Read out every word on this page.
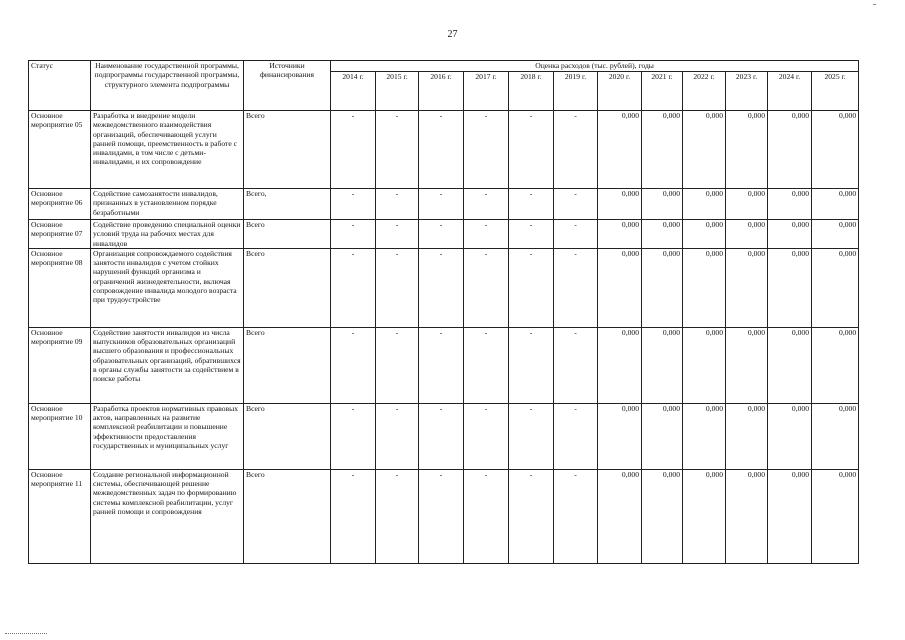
27
Статус	Наименование государственной программы, подпрограммы государственной программы, структурного элемента подпрограммы	Источники финансирования	Оценка расходов (тыс. рублей), годы											
			2014 г.	2015 г.	2016 г.	2017 г.	2018 г.	2019 г.	2020 г.	2021 г.	2022 г.	2023 г.	2024 г.	2025 г.
Основное мероприятие 05	Разработка и внедрение модели межведомственного взаимодействия организаций, обеспечивающей услуги ранней помощи, преемственность в работе с инвалидами, в том числе с детьми-инвалидами, и их сопровождение	Всего	-	-	-	-	-	-	0,000	0,000	0,000	0,000	0,000	0,000
Основное мероприятие 06	Содействие самозанятости инвалидов, признанных в установленном порядке безработными	Всего,	-	-	-	-	-	-	0,000	0,000	0,000	0,000	0,000	0,000
Основное мероприятие 07	Содействие проведению специальной оценки условий труда на рабочих местах для инвалидов	Всего	-	-	-	-	-	-	0,000	0,000	0,000	0,000	0,000	0,000
Основное мероприятие 08	Организация сопровождаемого содействия занятости инвалидов с учетом стойких нарушений функций организма и ограничений жизнедеятельности, включая сопровождение инвалида молодого возраста при трудоустройстве	Всего	-	-	-	-	-	-	0,000	0,000	0,000	0,000	0,000	0,000
Основное мероприятие 09	Содействие занятости инвалидов из числа выпускников образовательных организаций высшего образования и профессиональных образовательных организаций, обратившихся в органы службы занятости за содействием в поиске работы	Всего	-	-	-	-	-	-	0,000	0,000	0,000	0,000	0,000	0,000
Основное мероприятие 10	Разработка проектов нормативных правовых актов, направленных на развитие комплексной реабилитации и повышение эффективности предоставления государственных и муниципальных услуг	Всего	-	-	-	-	-	-	0,000	0,000	0,000	0,000	0,000	0,000
Основное мероприятие 11	Создание региональной информационной системы, обеспечивающей решение межведомственных задач по формированию системы комплексной реабилитации, услуг ранней помощи и сопровождения	Всего	-	-	-	-	-	-	0,000	0,000	0,000	0,000	0,000	0,000
